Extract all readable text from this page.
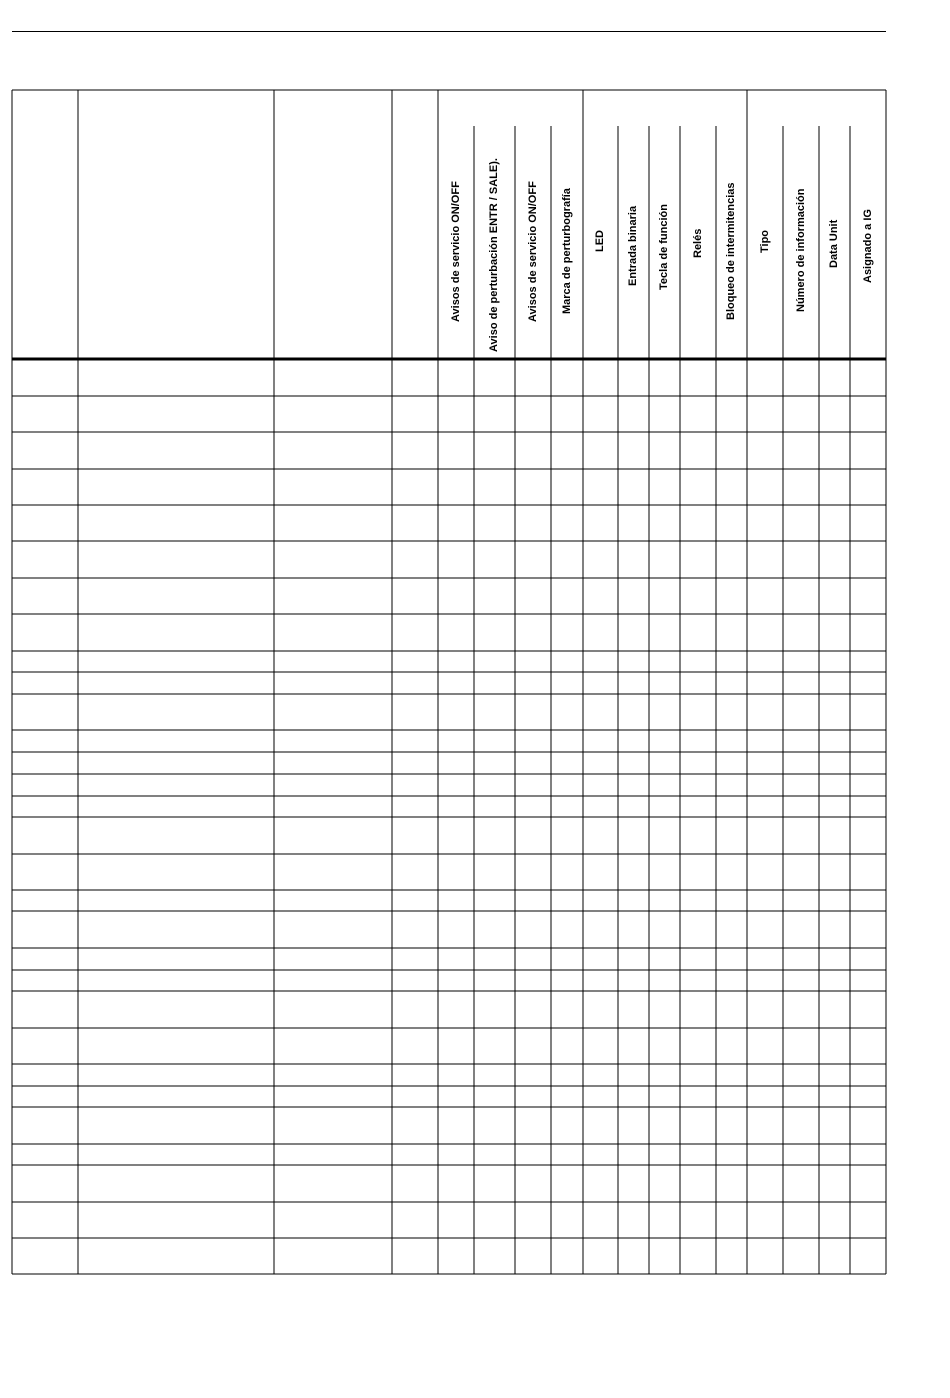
Avisos de servicio ON/OFF Aviso de perturbación ENTR / SALE). Avisos de servicio ON/OFF Marca de perturbografía LED Entrada binaria Tecla de función Relés Bloqueo de intermitencias Tipo Número de información Data Unit Asignado a IG
